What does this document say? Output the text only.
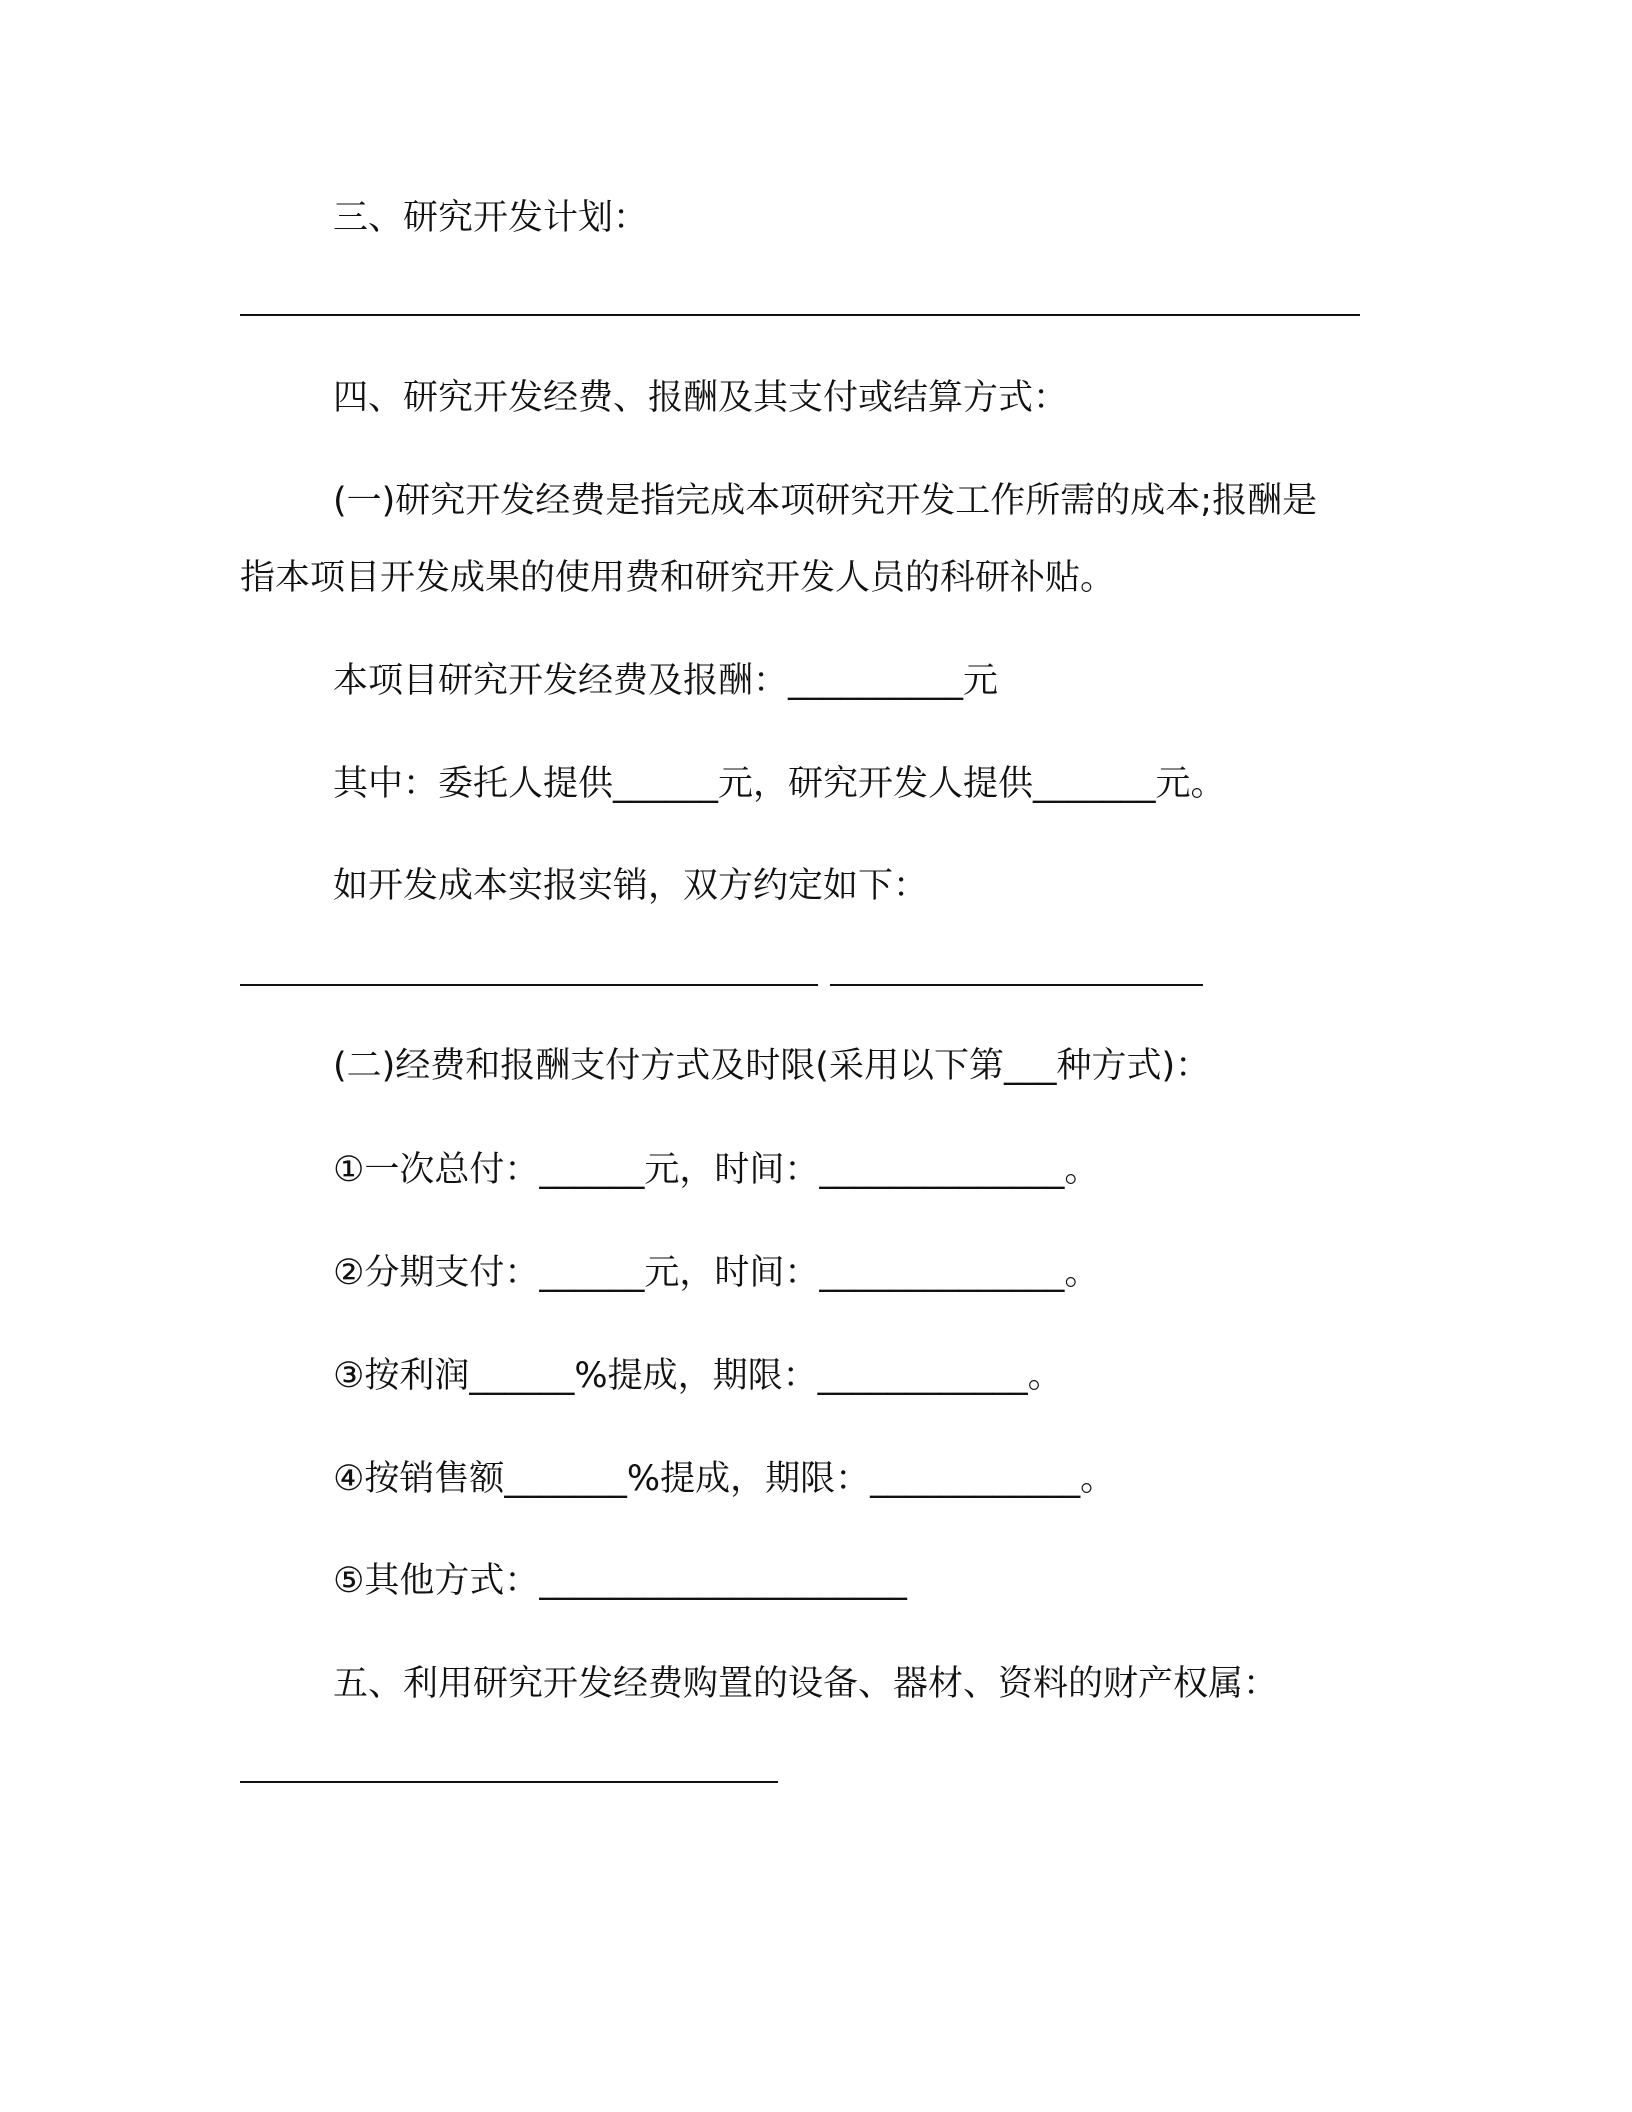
三、研究开发计划：
四、研究开发经费、报酬及其支付或结算方式：
(一)研究开发经费是指完成本项研究开发工作所需的成本;报酬是
指本项目开发成果的使用费和研究开发人员的科研补贴。
本项目研究开发经费及报酬：__________元
其中：委托人提供______元，研究开发人提供_______元。
如开发成本实报实销，双方约定如下：
(二)经费和报酬支付方式及时限(采用以下第___种方式)：
①一次总付：______元，时间：______________。
②分期支付：______元，时间：______________。
③按利润______%提成，期限：____________。
④按销售额_______%提成，期限：____________。
⑤其他方式：_____________________
五、利用研究开发经费购置的设备、器材、资料的财产权属：
